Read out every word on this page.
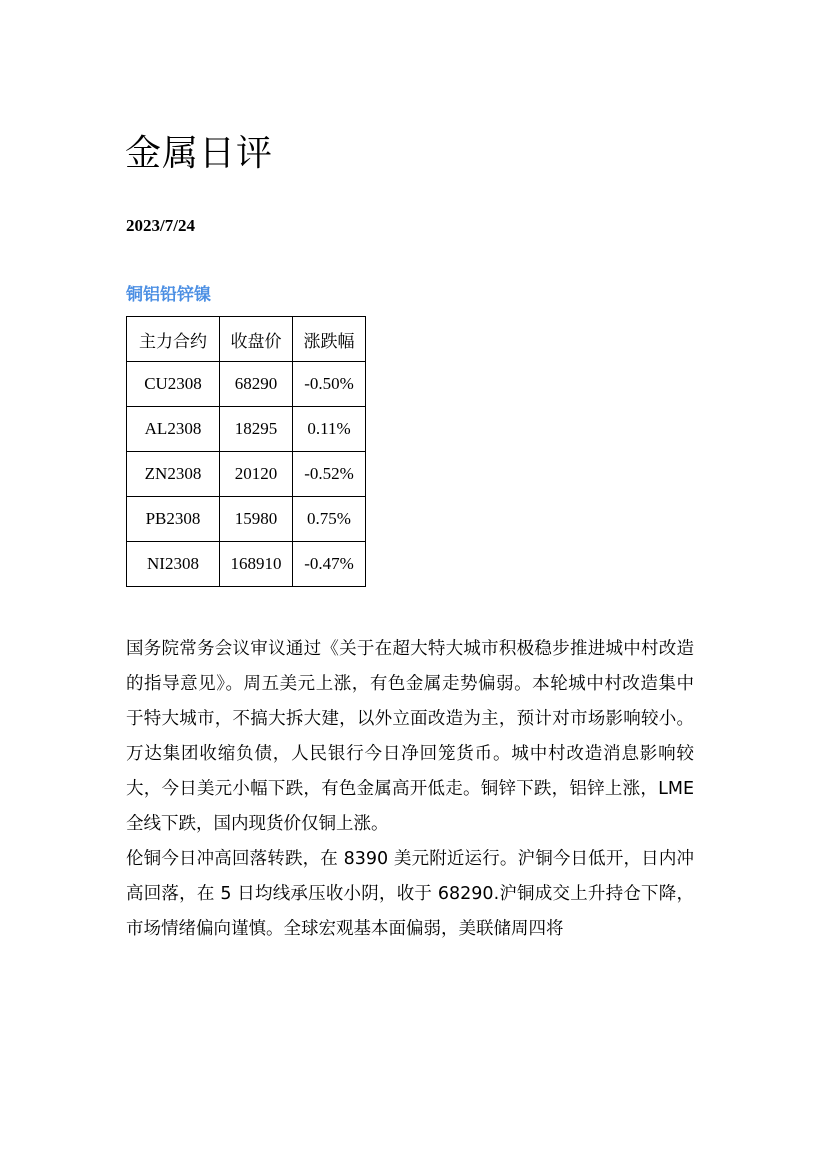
金属日评
2023/7/24
铜铝铅锌镍
主力合约	收盘价	涨跌幅
CU2308	68290	-0.50%
AL2308	18295	0.11%
ZN2308	20120	-0.52%
PB2308	15980	0.75%
NI2308	168910	-0.47%

国务院常务会议审议通过《关于在超大特大城市积极稳步推进城中村改造的指导意见》。周五美元上涨，有色金属走势偏弱。本轮城中村改造集中于特大城市，不搞大拆大建，以外立面改造为主，预计对市场影响较小。万达集团收缩负债，人民银行今日净回笼货币。城中村改造消息影响较大，今日美元小幅下跌，有色金属高开低走。铜锌下跌，铝锌上涨，LME 全线下跌，国内现货价仅铜上涨。

伦铜今日冲高回落转跌，在 8390 美元附近运行。沪铜今日低开，日内冲高回落，在 5 日均线承压收小阴，收于 68290.沪铜成交上升持仓下降，市场情绪偏向谨慎。全球宏观基本面偏弱，美联储周四将
